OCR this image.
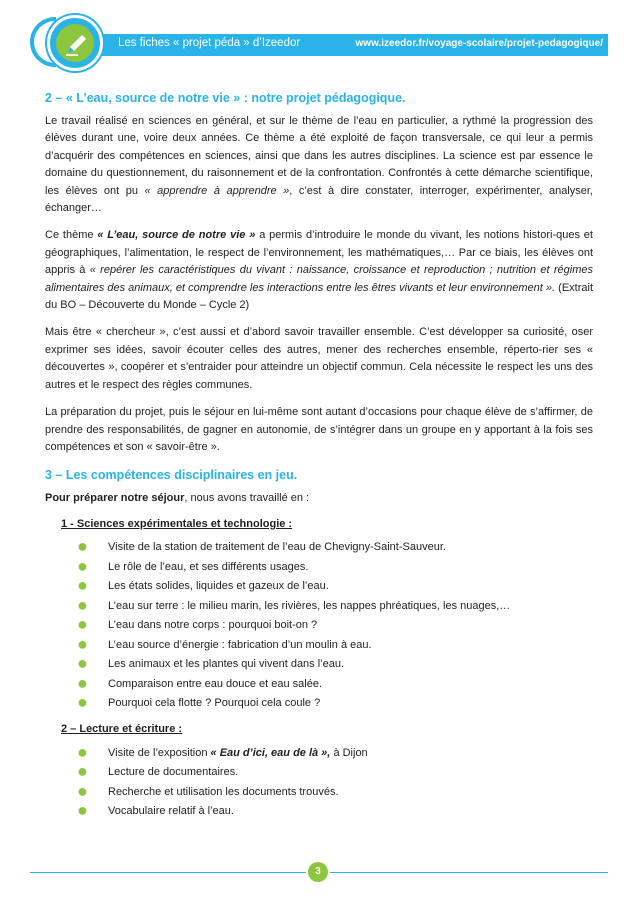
Les fiches « projet péda » d’Izeedor	www.izeedor.fr/voyage-scolaire/projet-pedagogique/
2 – « L’eau, source de notre vie » : notre projet pédagogique.

Le travail réalisé en sciences en général, et sur le thème de l’eau en particulier, a rythmé la progression des élèves durant une, voire deux années. Ce thème a été exploité de façon transversale, ce qui leur a permis d’acquérir des compétences en sciences, ainsi que dans les autres disciplines. La science est par essence le domaine du questionnement, du raisonnement et de la confrontation. Confrontés à cette démarche scientifique, les élèves ont pu « apprendre à apprendre », c’est à dire constater, interroger, expérimenter, analyser, échanger…

Ce thème « L’eau, source de notre vie » a permis d’introduire le monde du vivant, les notions histori-ques et géographiques, l’alimentation, le respect de l’environnement, les mathématiques,… Par ce biais, les élèves ont appris à « repérer les caractéristiques du vivant : naissance, croissance et reproduction ; nutrition et régimes alimentaires des animaux, et comprendre les interactions entre les êtres vivants et leur environnement ». (Extrait du BO – Découverte du Monde – Cycle 2)

Mais être « chercheur », c’est aussi et d’abord savoir travailler ensemble. C’est développer sa curiosité, oser exprimer ses idées, savoir écouter celles des autres, mener des recherches ensemble, réperto-rier ses « découvertes », coopérer et s’entraider pour atteindre un objectif commun. Cela nécessite le respect les uns des autres et le respect des règles communes.

La préparation du projet, puis le séjour en lui-même sont autant d’occasions pour chaque élève de s’affirmer, de prendre des responsabilités, de gagner en autonomie, de s’intégrer dans un groupe en y apportant à la fois ses compétences et son « savoir-être ».

3 – Les compétences disciplinaires en jeu.

Pour préparer notre séjour, nous avons travaillé en :

1 - Sciences expérimentales et technologie :
● Visite de la station de traitement de l’eau de Chevigny-Saint-Sauveur.
● Le rôle de l’eau, et ses différents usages.
● Les états solides, liquides et gazeux de l’eau.
● L’eau sur terre : le milieu marin, les rivières, les nappes phréatiques, les nuages,…
● L’eau dans notre corps : pourquoi boit-on ?
● L’eau source d’énergie : fabrication d’un moulin à eau.
● Les animaux et les plantes qui vivent dans l’eau.
● Comparaison entre eau douce et eau salée.
● Pourquoi cela flotte ? Pourquoi cela coule ?
2 – Lecture et écriture :
● Visite de l’exposition « Eau d’ici, eau de là », à Dijon
● Lecture de documentaires.
● Recherche et utilisation les documents trouvés.
● Vocabulaire relatif à l’eau.
3
